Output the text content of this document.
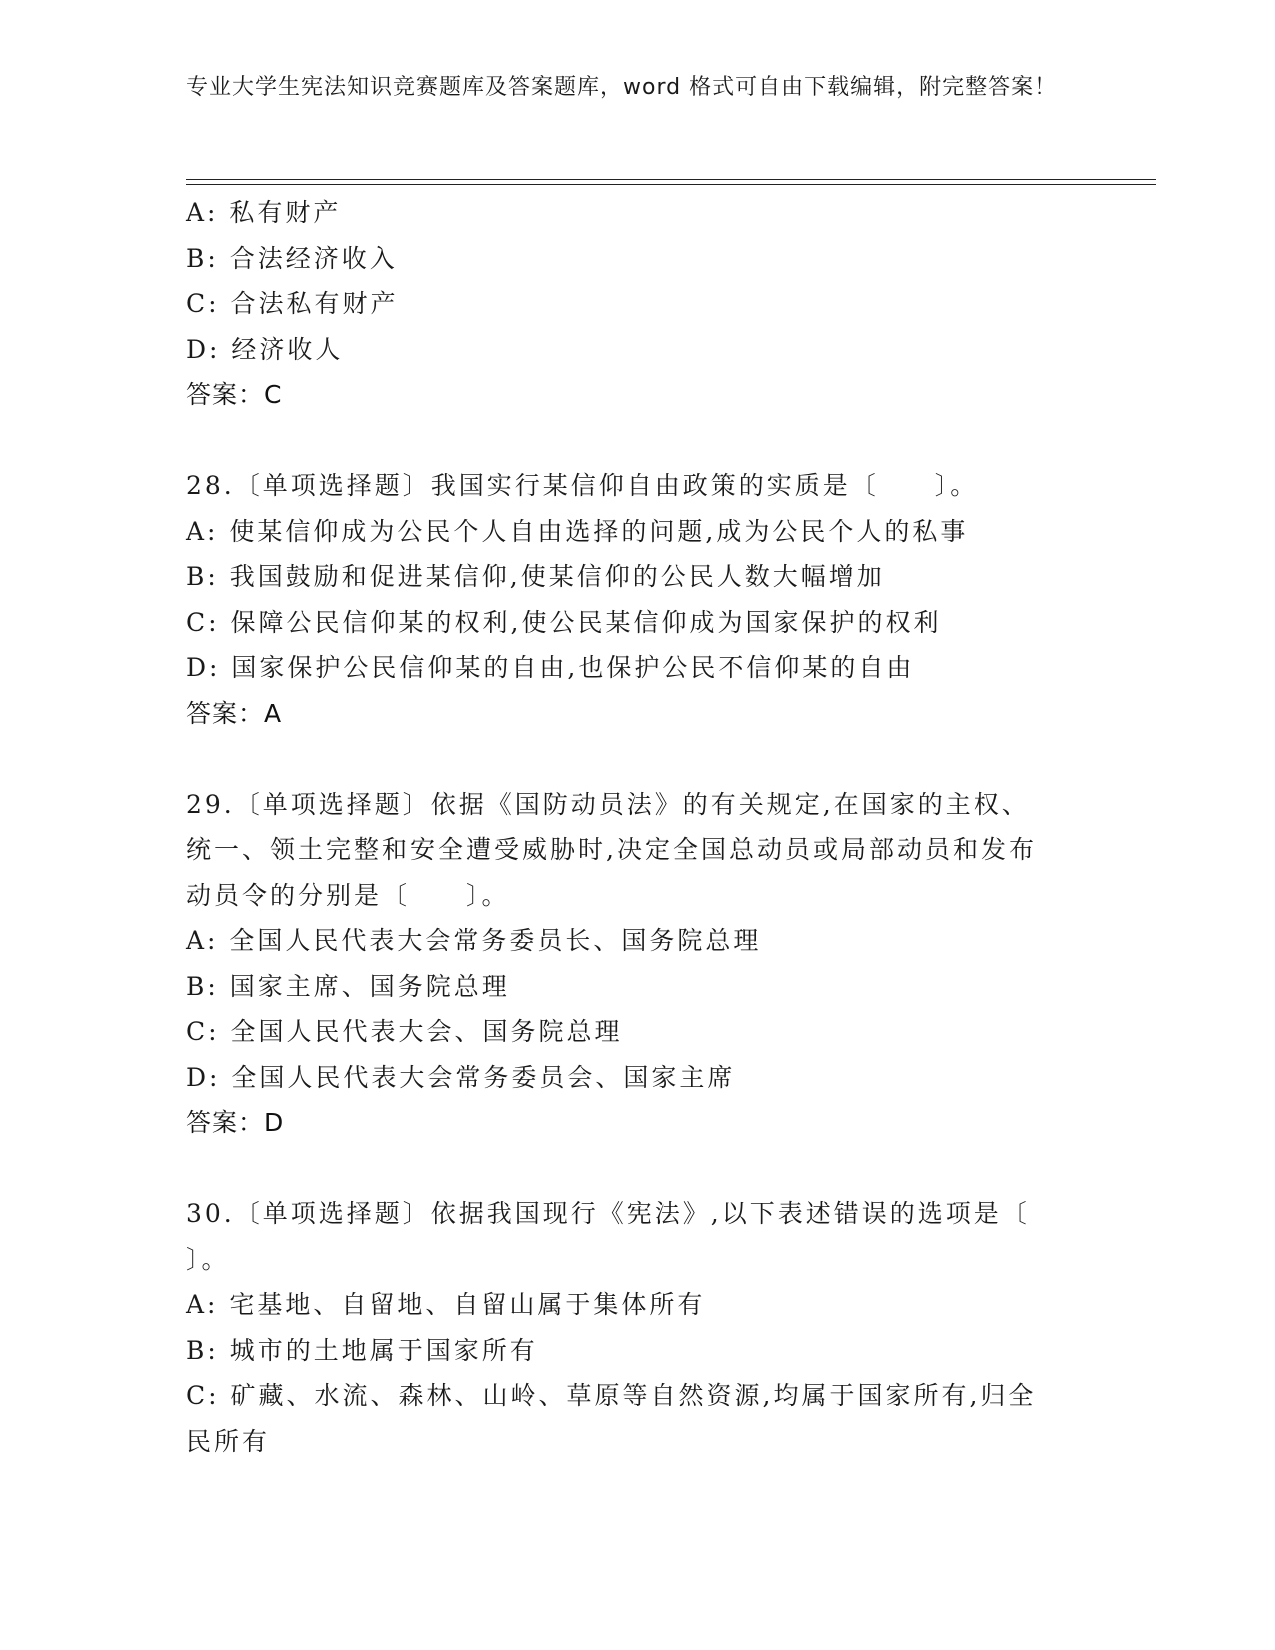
专业大学生宪法知识竞赛题库及答案题库，word 格式可自由下载编辑，附完整答案！
A: 私有财产
B: 合法经济收入
C: 合法私有财产
D: 经济收人
答案：C
28.〔单项选择题〕我国实行某信仰自由政策的实质是〔　　〕。
A: 使某信仰成为公民个人自由选择的问题,成为公民个人的私事
B: 我国鼓励和促进某信仰,使某信仰的公民人数大幅增加
C: 保障公民信仰某的权利,使公民某信仰成为国家保护的权利
D: 国家保护公民信仰某的自由,也保护公民不信仰某的自由
答案：A
29.〔单项选择题〕依据《国防动员法》的有关规定,在国家的主权、
统一、领土完整和安全遭受威胁时,决定全国总动员或局部动员和发布
动员令的分别是〔　　〕。
A: 全国人民代表大会常务委员长、国务院总理
B: 国家主席、国务院总理
C: 全国人民代表大会、国务院总理
D: 全国人民代表大会常务委员会、国家主席
答案：D
30.〔单项选择题〕依据我国现行《宪法》,以下表述错误的选项是〔
〕。
A: 宅基地、自留地、自留山属于集体所有
B: 城市的土地属于国家所有
C: 矿藏、水流、森林、山岭、草原等自然资源,均属于国家所有,归全
民所有
